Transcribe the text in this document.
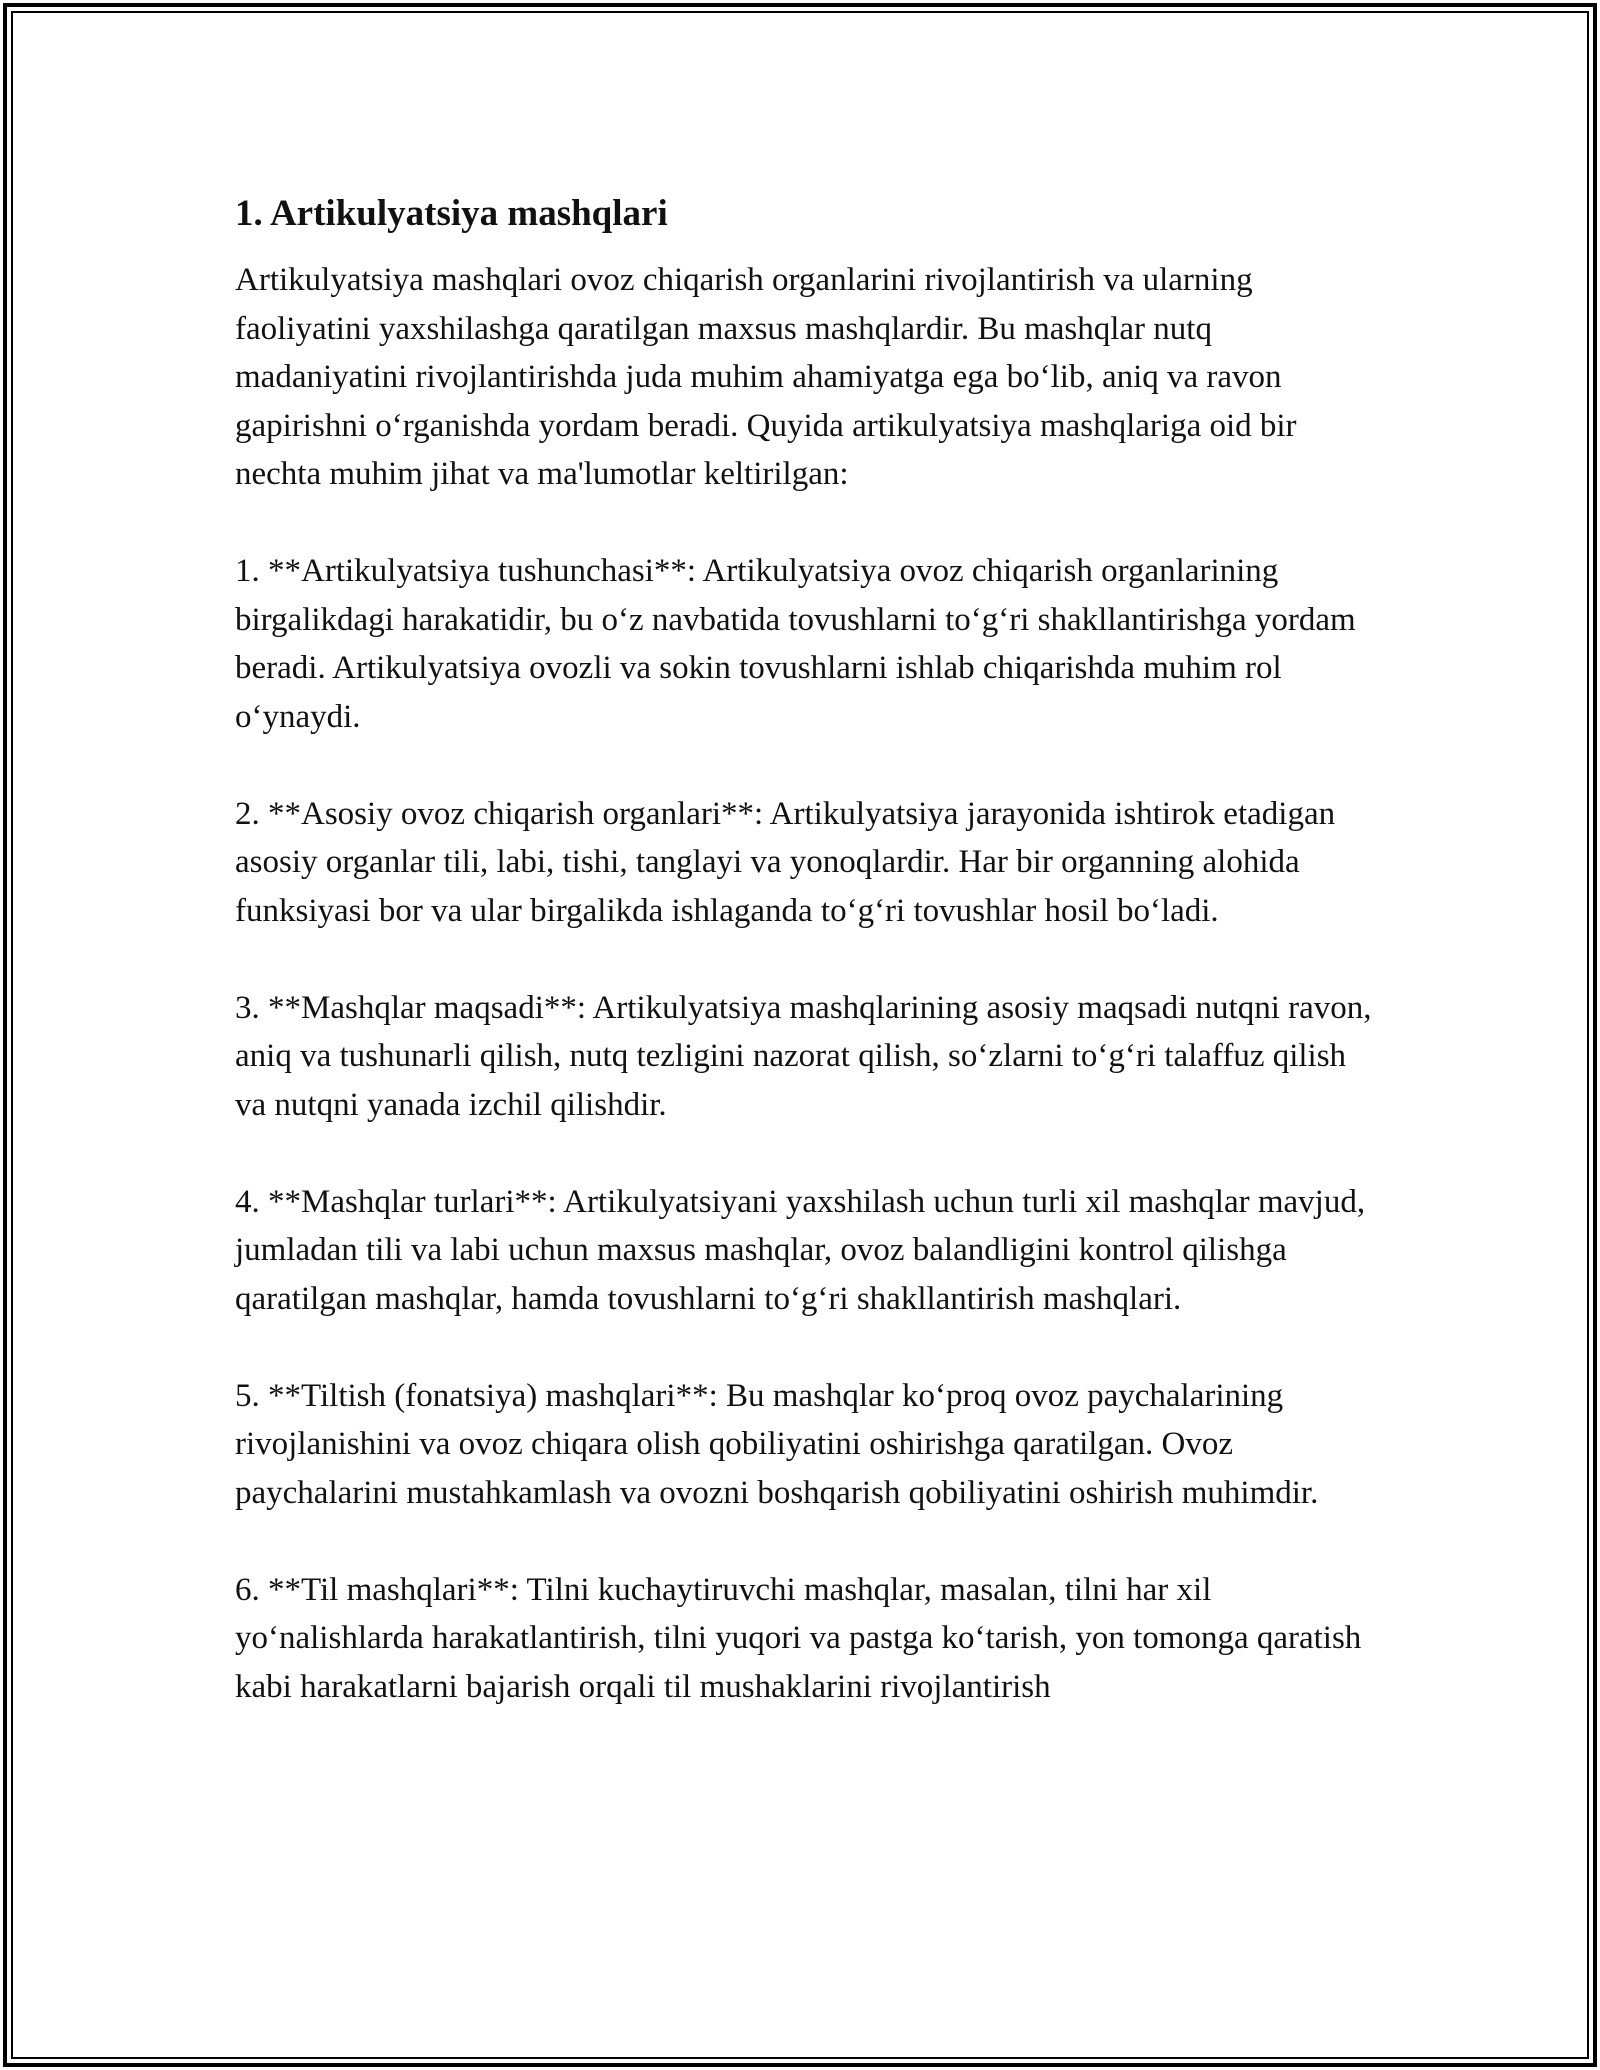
1. Artikulyatsiya mashqlari

Artikulyatsiya mashqlari ovoz chiqarish organlarini rivojlantirish va ularning faoliyatini yaxshilashga qaratilgan maxsus mashqlardir. Bu mashqlar nutq madaniyatini rivojlantirishda juda muhim ahamiyatga ega boʻlib, aniq va ravon gapirishni oʻrganishda yordam beradi. Quyida artikulyatsiya mashqlariga oid bir nechta muhim jihat va ma'lumotlar keltirilgan:

1. **Artikulyatsiya tushunchasi**: Artikulyatsiya ovoz chiqarish organlarining birgalikdagi harakatidir, bu oʻz navbatida tovushlarni toʻgʻri shakllantirishga yordam beradi. Artikulyatsiya ovozli va sokin tovushlarni ishlab chiqarishda muhim rol oʻynaydi.

2. **Asosiy ovoz chiqarish organlari**: Artikulyatsiya jarayonida ishtirok etadigan asosiy organlar tili, labi, tishi, tanglayi va yonoqlardir. Har bir organning alohida funksiyasi bor va ular birgalikda ishlaganda toʻgʻri tovushlar hosil boʻladi.

3. **Mashqlar maqsadi**: Artikulyatsiya mashqlarining asosiy maqsadi nutqni ravon, aniq va tushunarli qilish, nutq tezligini nazorat qilish, soʻzlarni toʻgʻri talaffuz qilish va nutqni yanada izchil qilishdir.

4. **Mashqlar turlari**: Artikulyatsiyani yaxshilash uchun turli xil mashqlar mavjud, jumladan tili va labi uchun maxsus mashqlar, ovoz balandligini kontrol qilishga qaratilgan mashqlar, hamda tovushlarni toʻgʻri shakllantirish mashqlari.

5. **Tiltish (fonatsiya) mashqlari**: Bu mashqlar koʻproq ovoz paychalarining rivojlanishini va ovoz chiqara olish qobiliyatini oshirishga qaratilgan. Ovoz paychalarini mustahkamlash va ovozni boshqarish qobiliyatini oshirish muhimdir.

6. **Til mashqlari**: Tilni kuchaytiruvchi mashqlar, masalan, tilni har xil yoʻnalishlarda harakatlantirish, tilni yuqori va pastga koʻtarish, yon tomonga qaratish kabi harakatlarni bajarish orqali til mushaklarini rivojlantirish
